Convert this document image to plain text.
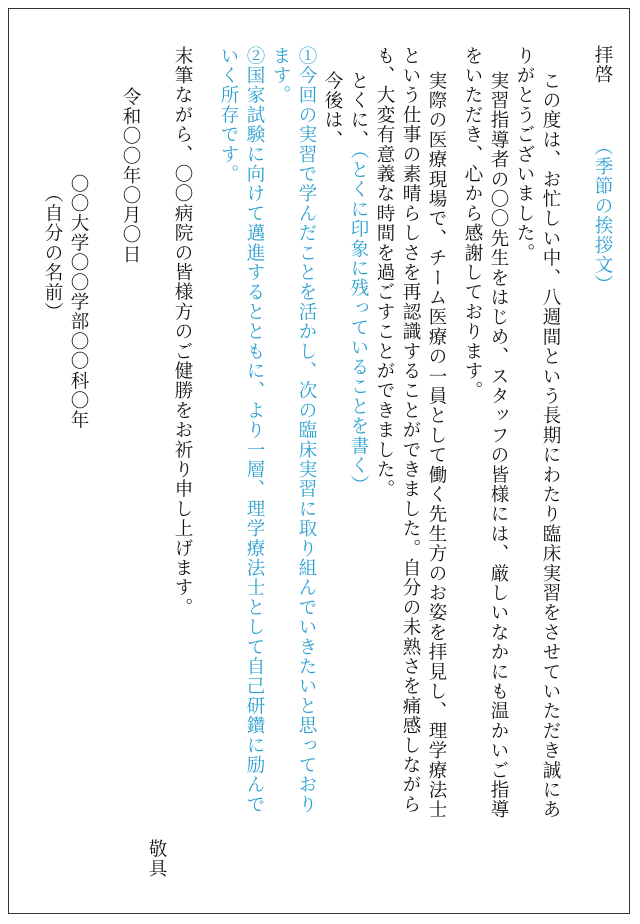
拝啓
（季節の挨拶文）
この度は、お忙しい中、八週間という長期にわたり臨床実習をさせていただき誠にあ
りがとうございました。
実習指導者の〇〇先生をはじめ、スタッフの皆様には、厳しいなかにも温かいご指導
をいただき、心から感謝しております。
実際の医療現場で、チーム医療の一員として働く先生方のお姿を拝見し、理学療法士
という仕事の素晴らしさを再認識することができました。自分の未熟さを痛感しながら
も、大変有意義な時間を過ごすことができました。
とくに、（とくに印象に残っていることを書く）
今後は、
①今回の実習で学んだことを活かし、次の臨床実習に取り組んでいきたいと思っており
ます。
②国家試験に向けて邁進するとともに、より一層、理学療法士として自己研鑽に励んで
いく所存です。
末筆ながら、〇〇病院の皆様方のご健勝をお祈り申し上げます。
敬具
令和〇〇年〇月〇日
〇〇大学〇〇学部〇〇科〇年
（自分の名前）
